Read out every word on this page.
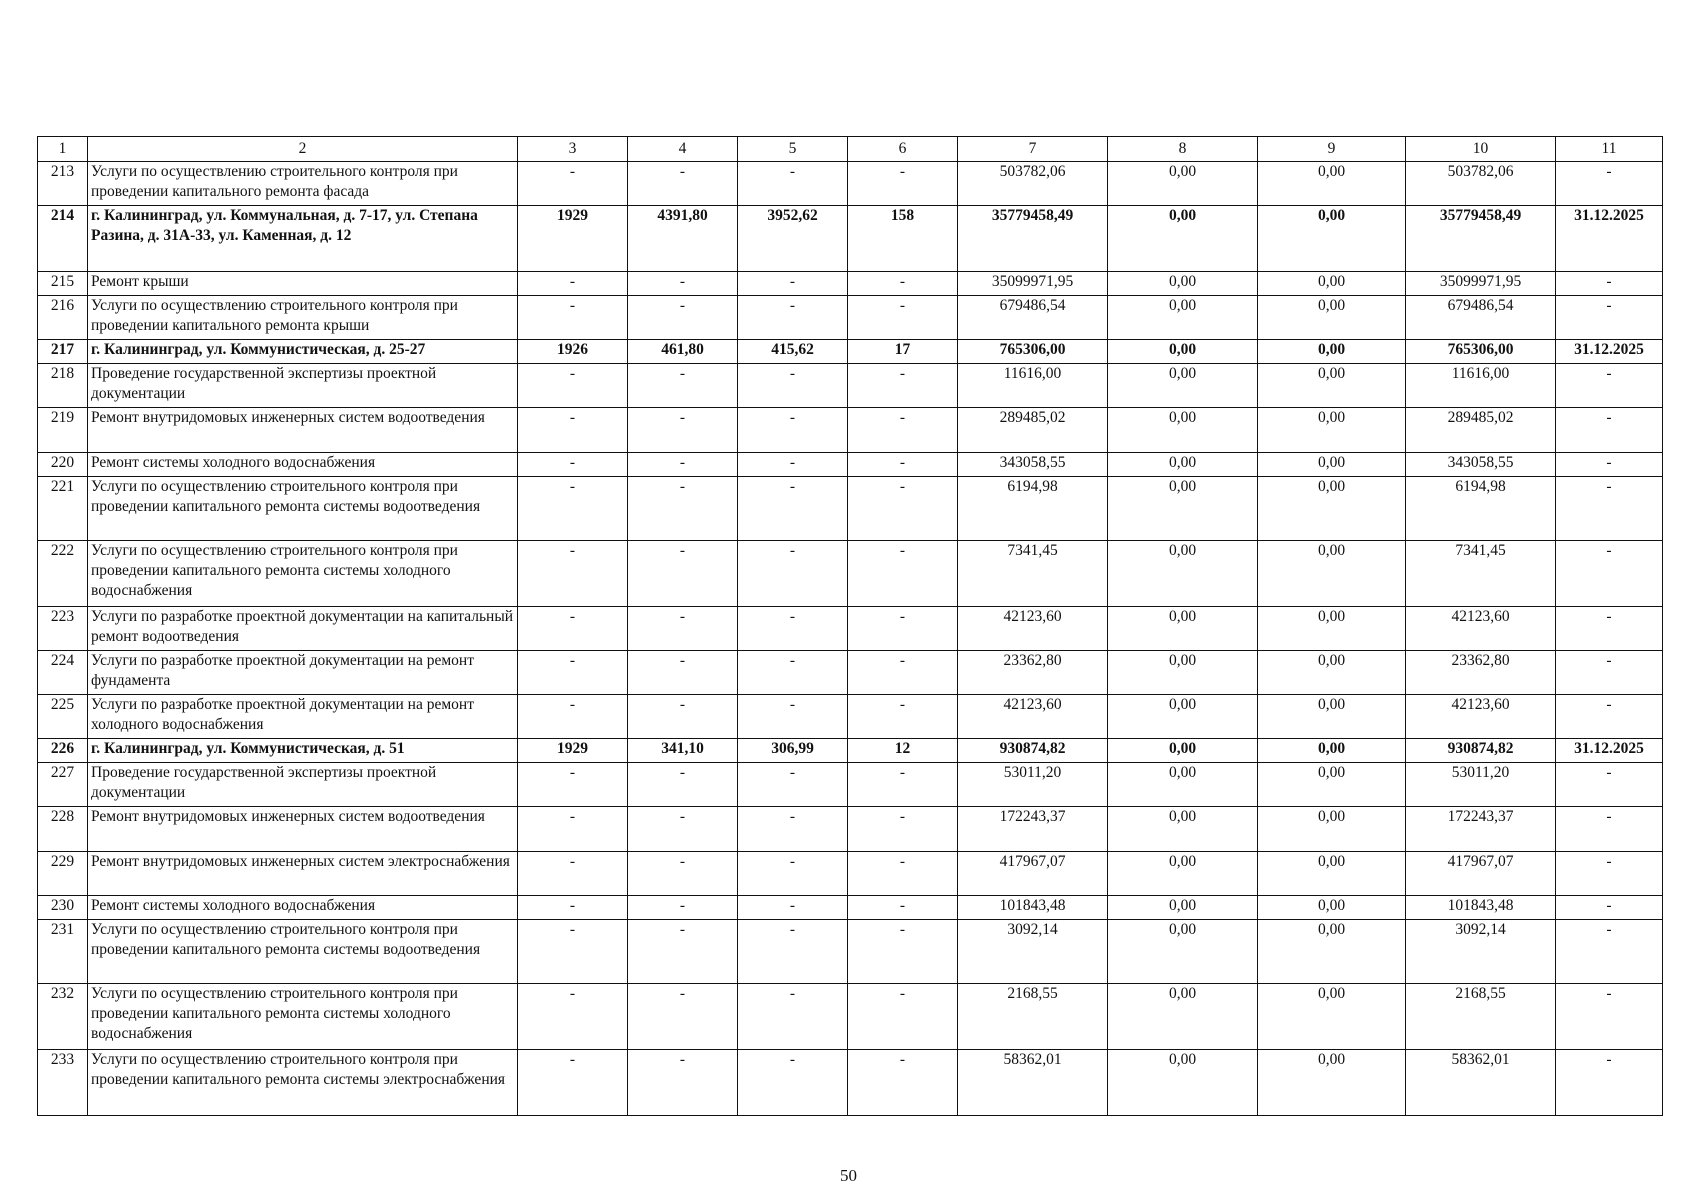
1	2	3	4	5	6	7	8	9	10	11
213	Услуги по осуществлению строительного контроля при проведении капитального ремонта фасада	-	-	-	-	503782,06	0,00	0,00	503782,06	-
214	г. Калининград, ул. Коммунальная, д. 7-17, ул. Степана Разина, д. 31А-33, ул. Каменная, д. 12	1929	4391,80	3952,62	158	35779458,49	0,00	0,00	35779458,49	31.12.2025
215	Ремонт крыши	-	-	-	-	35099971,95	0,00	0,00	35099971,95	-
216	Услуги по осуществлению строительного контроля при проведении капитального ремонта крыши	-	-	-	-	679486,54	0,00	0,00	679486,54	-
217	г. Калининград, ул. Коммунистическая, д. 25-27	1926	461,80	415,62	17	765306,00	0,00	0,00	765306,00	31.12.2025
218	Проведение государственной экспертизы проектной документации	-	-	-	-	11616,00	0,00	0,00	11616,00	-
219	Ремонт внутридомовых инженерных систем водоотведения	-	-	-	-	289485,02	0,00	0,00	289485,02	-
220	Ремонт системы холодного водоснабжения	-	-	-	-	343058,55	0,00	0,00	343058,55	-
221	Услуги по осуществлению строительного контроля при проведении капитального ремонта системы водоотведения	-	-	-	-	6194,98	0,00	0,00	6194,98	-
222	Услуги по осуществлению строительного контроля при проведении капитального ремонта системы холодного водоснабжения	-	-	-	-	7341,45	0,00	0,00	7341,45	-
223	Услуги по разработке проектной документации на капитальный ремонт водоотведения	-	-	-	-	42123,60	0,00	0,00	42123,60	-
224	Услуги по разработке проектной документации на ремонт фундамента	-	-	-	-	23362,80	0,00	0,00	23362,80	-
225	Услуги по разработке проектной документации на ремонт холодного водоснабжения	-	-	-	-	42123,60	0,00	0,00	42123,60	-
226	г. Калининград, ул. Коммунистическая, д. 51	1929	341,10	306,99	12	930874,82	0,00	0,00	930874,82	31.12.2025
227	Проведение государственной экспертизы проектной документации	-	-	-	-	53011,20	0,00	0,00	53011,20	-
228	Ремонт внутридомовых инженерных систем водоотведения	-	-	-	-	172243,37	0,00	0,00	172243,37	-
229	Ремонт внутридомовых инженерных систем электроснабжения	-	-	-	-	417967,07	0,00	0,00	417967,07	-
230	Ремонт системы холодного водоснабжения	-	-	-	-	101843,48	0,00	0,00	101843,48	-
231	Услуги по осуществлению строительного контроля при проведении капитального ремонта системы водоотведения	-	-	-	-	3092,14	0,00	0,00	3092,14	-
232	Услуги по осуществлению строительного контроля при проведении капитального ремонта системы холодного водоснабжения	-	-	-	-	2168,55	0,00	0,00	2168,55	-
233	Услуги по осуществлению строительного контроля при проведении капитального ремонта системы электроснабжения	-	-	-	-	58362,01	0,00	0,00	58362,01	-
50
